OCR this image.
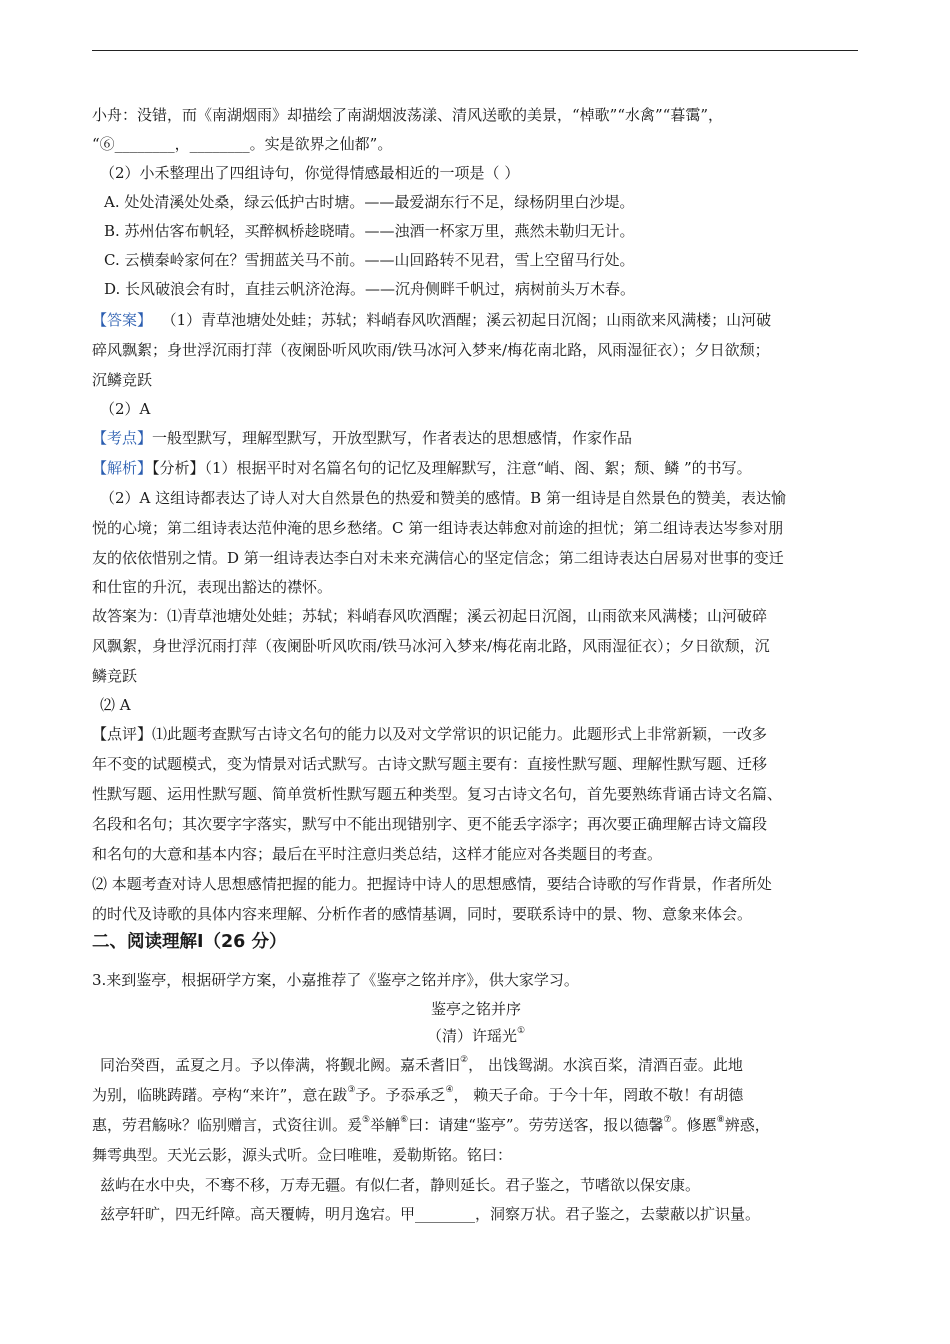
小舟：没错，而《南湖烟雨》却描绘了南湖烟波荡漾、清风送歌的美景，“棹歌”“水禽”“暮霭”，
“⑥________，________。实是欲界之仙都”。
（2）小禾整理出了四组诗句，你觉得情感最相近的一项是（ ）
A. 处处清溪处处桑，绿云低护古时塘。——最爱湖东行不足，绿杨阴里白沙堤。
B. 苏州估客布帆轻，买醉枫桥趁晓晴。——浊酒一杯家万里，燕然未勒归无计。
C. 云横秦岭家何在？雪拥蓝关马不前。——山回路转不见君，雪上空留马行处。
D. 长风破浪会有时，直挂云帆济沧海。——沉舟侧畔千帆过，病树前头万木春。
【答案】 （1）青草池塘处处蛙；苏轼；料峭春风吹酒醒；溪云初起日沉阁；山雨欲来风满楼；山河破
碎风飘絮；身世浮沉雨打萍（夜阑卧听风吹雨/铁马冰河入梦来/梅花南北路，风雨湿征衣）；夕日欲颓；
沉鳞竞跃
（2）A
【考点】一般型默写，理解型默写，开放型默写，作者表达的思想感情，作家作品
【解析】【分析】（1）根据平时对名篇名句的记忆及理解默写，注意“峭、阁、絮；颓、鳞 ”的书写。
（2）A 这组诗都表达了诗人对大自然景色的热爱和赞美的感情。B 第一组诗是自然景色的赞美，表达愉
悦的心境；第二组诗表达范仲淹的思乡愁绪。C 第一组诗表达韩愈对前途的担忧；第二组诗表达岑参对朋
友的依依惜别之情。D 第一组诗表达李白对未来充满信心的坚定信念；第二组诗表达白居易对世事的变迁
和仕宦的升沉，表现出豁达的襟怀。
故答案为：⑴青草池塘处处蛙；苏轼；料峭春风吹酒醒；溪云初起日沉阁，山雨欲来风满楼；山河破碎
风飘絮，身世浮沉雨打萍（夜阑卧听风吹雨/铁马冰河入梦来/梅花南北路，风雨湿征衣）；夕日欲颓，沉
鳞竞跃
⑵ A
【点评】⑴此题考查默写古诗文名句的能力以及对文学常识的识记能力。此题形式上非常新颖，一改多
年不变的试题模式，变为情景对话式默写。古诗文默写题主要有：直接性默写题、理解性默写题、迁移
性默写题、运用性默写题、简单赏析性默写题五种类型。复习古诗文名句，首先要熟练背诵古诗文名篇、
名段和名句；其次要字字落实，默写中不能出现错别字、更不能丢字添字；再次要正确理解古诗文篇段
和名句的大意和基本内容；最后在平时注意归类总结，这样才能应对各类题目的考查。
⑵ 本题考查对诗人思想感情把握的能力。把握诗中诗人的思想感情，要结合诗歌的写作背景，作者所处
的时代及诗歌的具体内容来理解、分析作者的感情基调，同时，要联系诗中的景、物、意象来体会。
二、阅读理解Ⅰ（26 分）
3.来到鉴亭，根据研学方案，小嘉推荐了《鉴亭之铭并序》，供大家学习。
鉴亭之铭并序
（清）许瑶光①
同治癸酉，孟夏之月。予以俸满，将觐北阙。嘉禾耆旧②， 出饯鸳湖。水滨百桨，清酒百壶。此地
为别，临眺踌躇。亭构“来许”，意在跋③予。予忝承乏④， 赖天子命。于今十年，罔敢不敬！有胡德
惠，劳君觞咏？临别赠言，式资往训。爰⑤举觯⑥曰：请建“鉴亭”。劳劳送客，报以德馨⑦。修慝⑧辨惑，
舞雩典型。天光云影，源头式听。佥曰唯唯，爰勒斯铭。铭曰：
兹屿在水中央，不骞不移，万寿无疆。有似仁者，静则延长。君子鉴之，节嗜欲以保安康。
兹亭轩旷，四无纤障。高天覆帱，明月逸宕。甲________，洞察万状。君子鉴之，去蒙蔽以扩识量。
